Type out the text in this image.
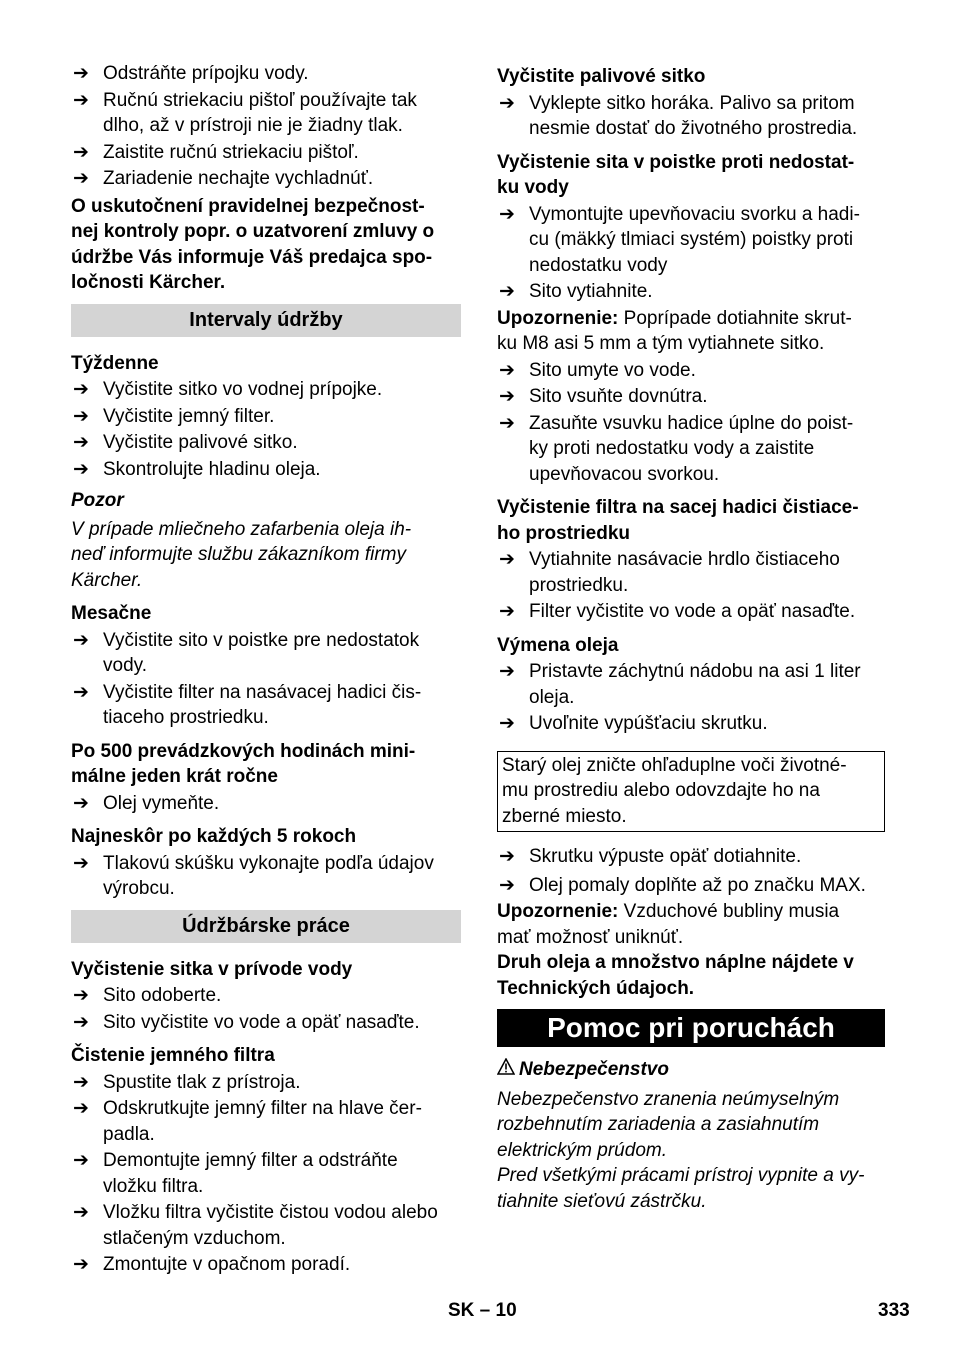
➔ Odstráňte prípojku vody.
➔ Ručnú striekaciu pištoľ používajte tak dlho, až v prístroji nie je žiadny tlak.
➔ Zaistite ručnú striekaciu pištoľ.
➔ Zariadenie nechajte vychladnúť.
O uskutočnení pravidelnej bezpečnost-
nej kontroly popr. o uzatvorení zmluvy o
údržbe Vás informuje Váš predajca spo-
ločnosti Kärcher.
Intervaly údržby
Týždenne
➔ Vyčistite sitko vo vodnej prípojke.
➔ Vyčistite jemný filter.
➔ Vyčistite palivové sitko.
➔ Skontrolujte hladinu oleja.
Pozor
V prípade mliečneho zafarbenia oleja ih-
neď informujte službu zákazníkom firmy
Kärcher.
Mesačne
➔ Vyčistite sito v poistke pre nedostatok
vody.
➔ Vyčistite filter na nasávacej hadici čis-
tiaceho prostriedku.
Po 500 prevádzkových hodinách mini-
málne jeden krát ročne
➔ Olej vymeňte.
Najneskôr po každých 5 rokoch
➔ Tlakovú skúšku vykonajte podľa údajov
výrobcu.
Údržbárske práce
Vyčistenie sitka v prívode vody
➔ Sito odoberte.
➔ Sito vyčistite vo vode a opäť nasaďte.
Čistenie jemného filtra
➔ Spustite tlak z prístroja.
➔ Odskrutkujte jemný filter na hlave čer-
padla.
➔ Demontujte jemný filter a odstráňte
vložku filtra.
➔ Vložku filtra vyčistite čistou vodou alebo
stlačeným vzduchom.
➔ Zmontujte v opačnom poradí.
Vyčistite palivové sitko
➔ Vyklepte sitko horáka. Palivo sa pritom
nesmie dostať do životného prostredia.
Vyčistenie sita v poistke proti nedostat-
ku vody
➔ Vymontujte upevňovaciu svorku a hadi-
cu (mäkký tlmiaci systém) poistky proti
nedostatku vody
➔ Sito vytiahnite.
Upozornenie: Poprípade dotiahnite skrut-
ku M8 asi 5 mm a tým vytiahnete sitko.
➔ Sito umyte vo vode.
➔ Sito vsuňte dovnútra.
➔ Zasuňte vsuvku hadice úplne do poist-
ky proti nedostatku vody a zaistite
upevňovacou svorkou.
Vyčistenie filtra na sacej hadici čistiace-
ho prostriedku
➔ Vytiahnite nasávacie hrdlo čistiaceho
prostriedku.
➔ Filter vyčistite vo vode a opäť nasaďte.
Výmena oleja
➔ Pristavte záchytnú nádobu na asi 1 liter
oleja.
➔ Uvoľnite vypúšťaciu skrutku.
Starý olej zničte ohľaduplne voči životné-
mu prostrediu alebo odovzdajte ho na
zberné miesto.
➔ Skrutku výpuste opäť dotiahnite.
➔ Olej pomaly doplňte až po značku MAX.
Upozornenie: Vzduchové bubliny musia
mať možnosť uniknúť.
Druh oleja a množstvo náplne nájdete v
Technických údajoch.
Pomoc pri poruchách
Nebezpečenstvo
Nebezpečenstvo zranenia neúmyselným
rozbehnutím zariadenia a zasiahnutím
elektrickým prúdom.
Pred všetkými prácami prístroj vypnite a vy-
tiahnite sieťovú zástrčku.
SK – 10	333
